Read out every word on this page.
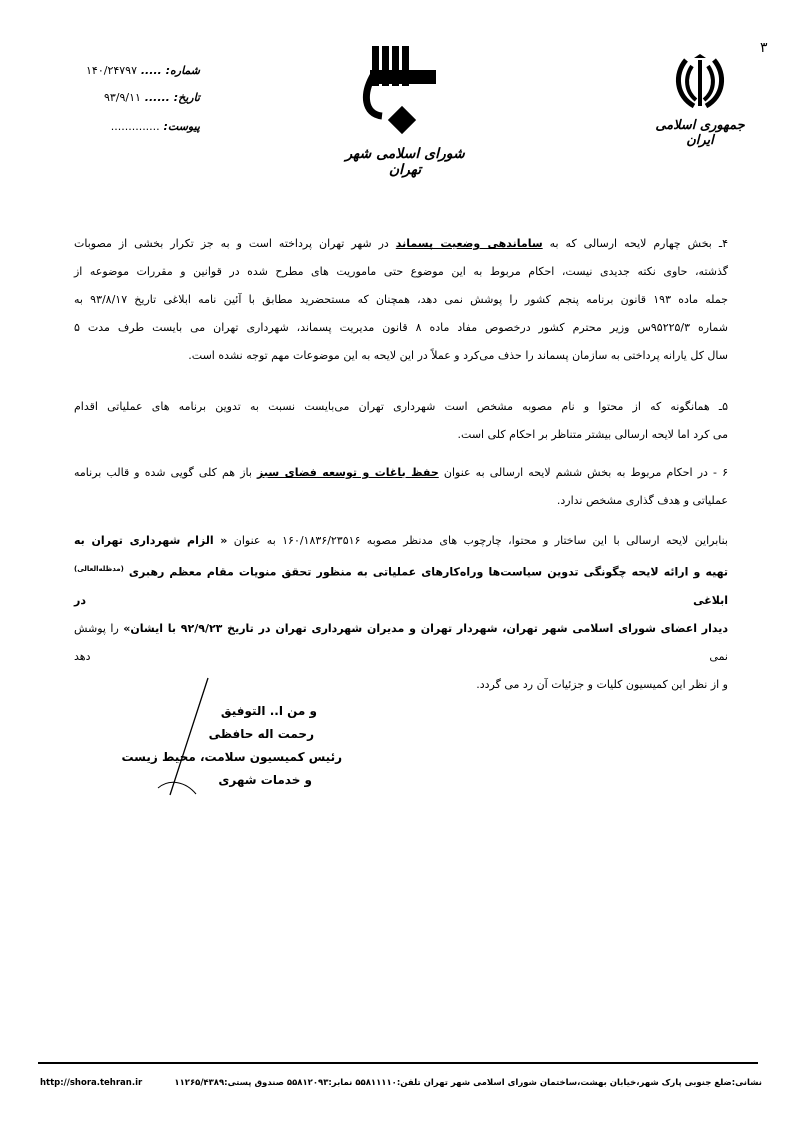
جمهوری اسلامی ایران
۳
شورای اسلامی شهر تهران
شماره: ..... ۱۴۰/۲۴۷۹۷
تاریخ: ...... ۹۳/۹/۱۱
پیوست: ..............
۴ـ بخش چهارم لایحه ارسالی که به ساماندهی وضعیت پسماند در شهر تهران پرداخته است و به جز تکرار بخشی از مصوبات
گذشته، حاوی نکته جدیدی نیست، احکام مربوط به این موضوع حتی ماموریت های مطرح شده در قوانین و مقررات موضوعه از
جمله ماده ۱۹۳ قانون برنامه پنجم کشور را پوشش نمی دهد، همچنان که مستحضرید مطابق با آئین نامه ابلاغی تاریخ ۹۳/۸/۱۷ به
شماره ۹۵۲۲۵/۳س وزیر محترم کشور درخصوص مفاد ماده ۸ قانون مدیریت پسماند، شهرداری تهران می بایست طرف مدت ۵
سال کل یارانه پرداختی به سازمان پسماند را حذف می‌کرد و عملاً در این لایحه به این موضوعات مهم توجه نشده است.
۵ـ همانگونه که از محتوا و نام مصوبه مشخص است شهرداری تهران می‌بایست نسبت به تدوین برنامه های عملیاتی اقدام
می کرد اما لایحه ارسالی بیشتر متناظر بر احکام کلی است.
۶ - در احکام مربوط به بخش ششم لایحه ارسالی به عنوان حفظ باغات و توسعه فضای سبز باز هم کلی گویی شده و قالب برنامه
عملیاتی و هدف گذاری مشخص ندارد.
بنابراین لایحه ارسالی با این ساختار و محتوا، چارچوب های مدنظر مصوبه ۱۶۰/۱۸۳۶/۲۳۵۱۶ به عنوان « الزام شهرداری تهران به
تهیه و ارائه لایحه چگونگی تدوین سیاست‌ها وراه‌کارهای عملیاتی به منظور تحقق منویات مقام معظم رهبری $^{(مدظله‌العالی)}$ ابلاغی در
دیدار اعضای شورای اسلامی شهر تهران، شهردار تهران و مدیران شهرداری تهران در تاریخ ۹۲/۹/۲۳ با ایشان» را پوشش نمی دهد
و از نظر این کمیسیون کلیات و جزئیات آن رد می گردد.
و من ا.. التوفیق
رحمت اله حافظی
رئیس کمیسیون سلامت، محیط زیست
و خدمات شهری
http://shora.tehran.ir	نشانی:ضلع جنوبی پارک شهر،خیابان بهشت،ساختمان شورای اسلامی شهر تهران تلفن:۵۵۸۱۱۱۱۰ نمابر:۵۵۸۱۲۰۹۳ صندوق پستی:۱۱۲۶۵/۴۳۸۹
